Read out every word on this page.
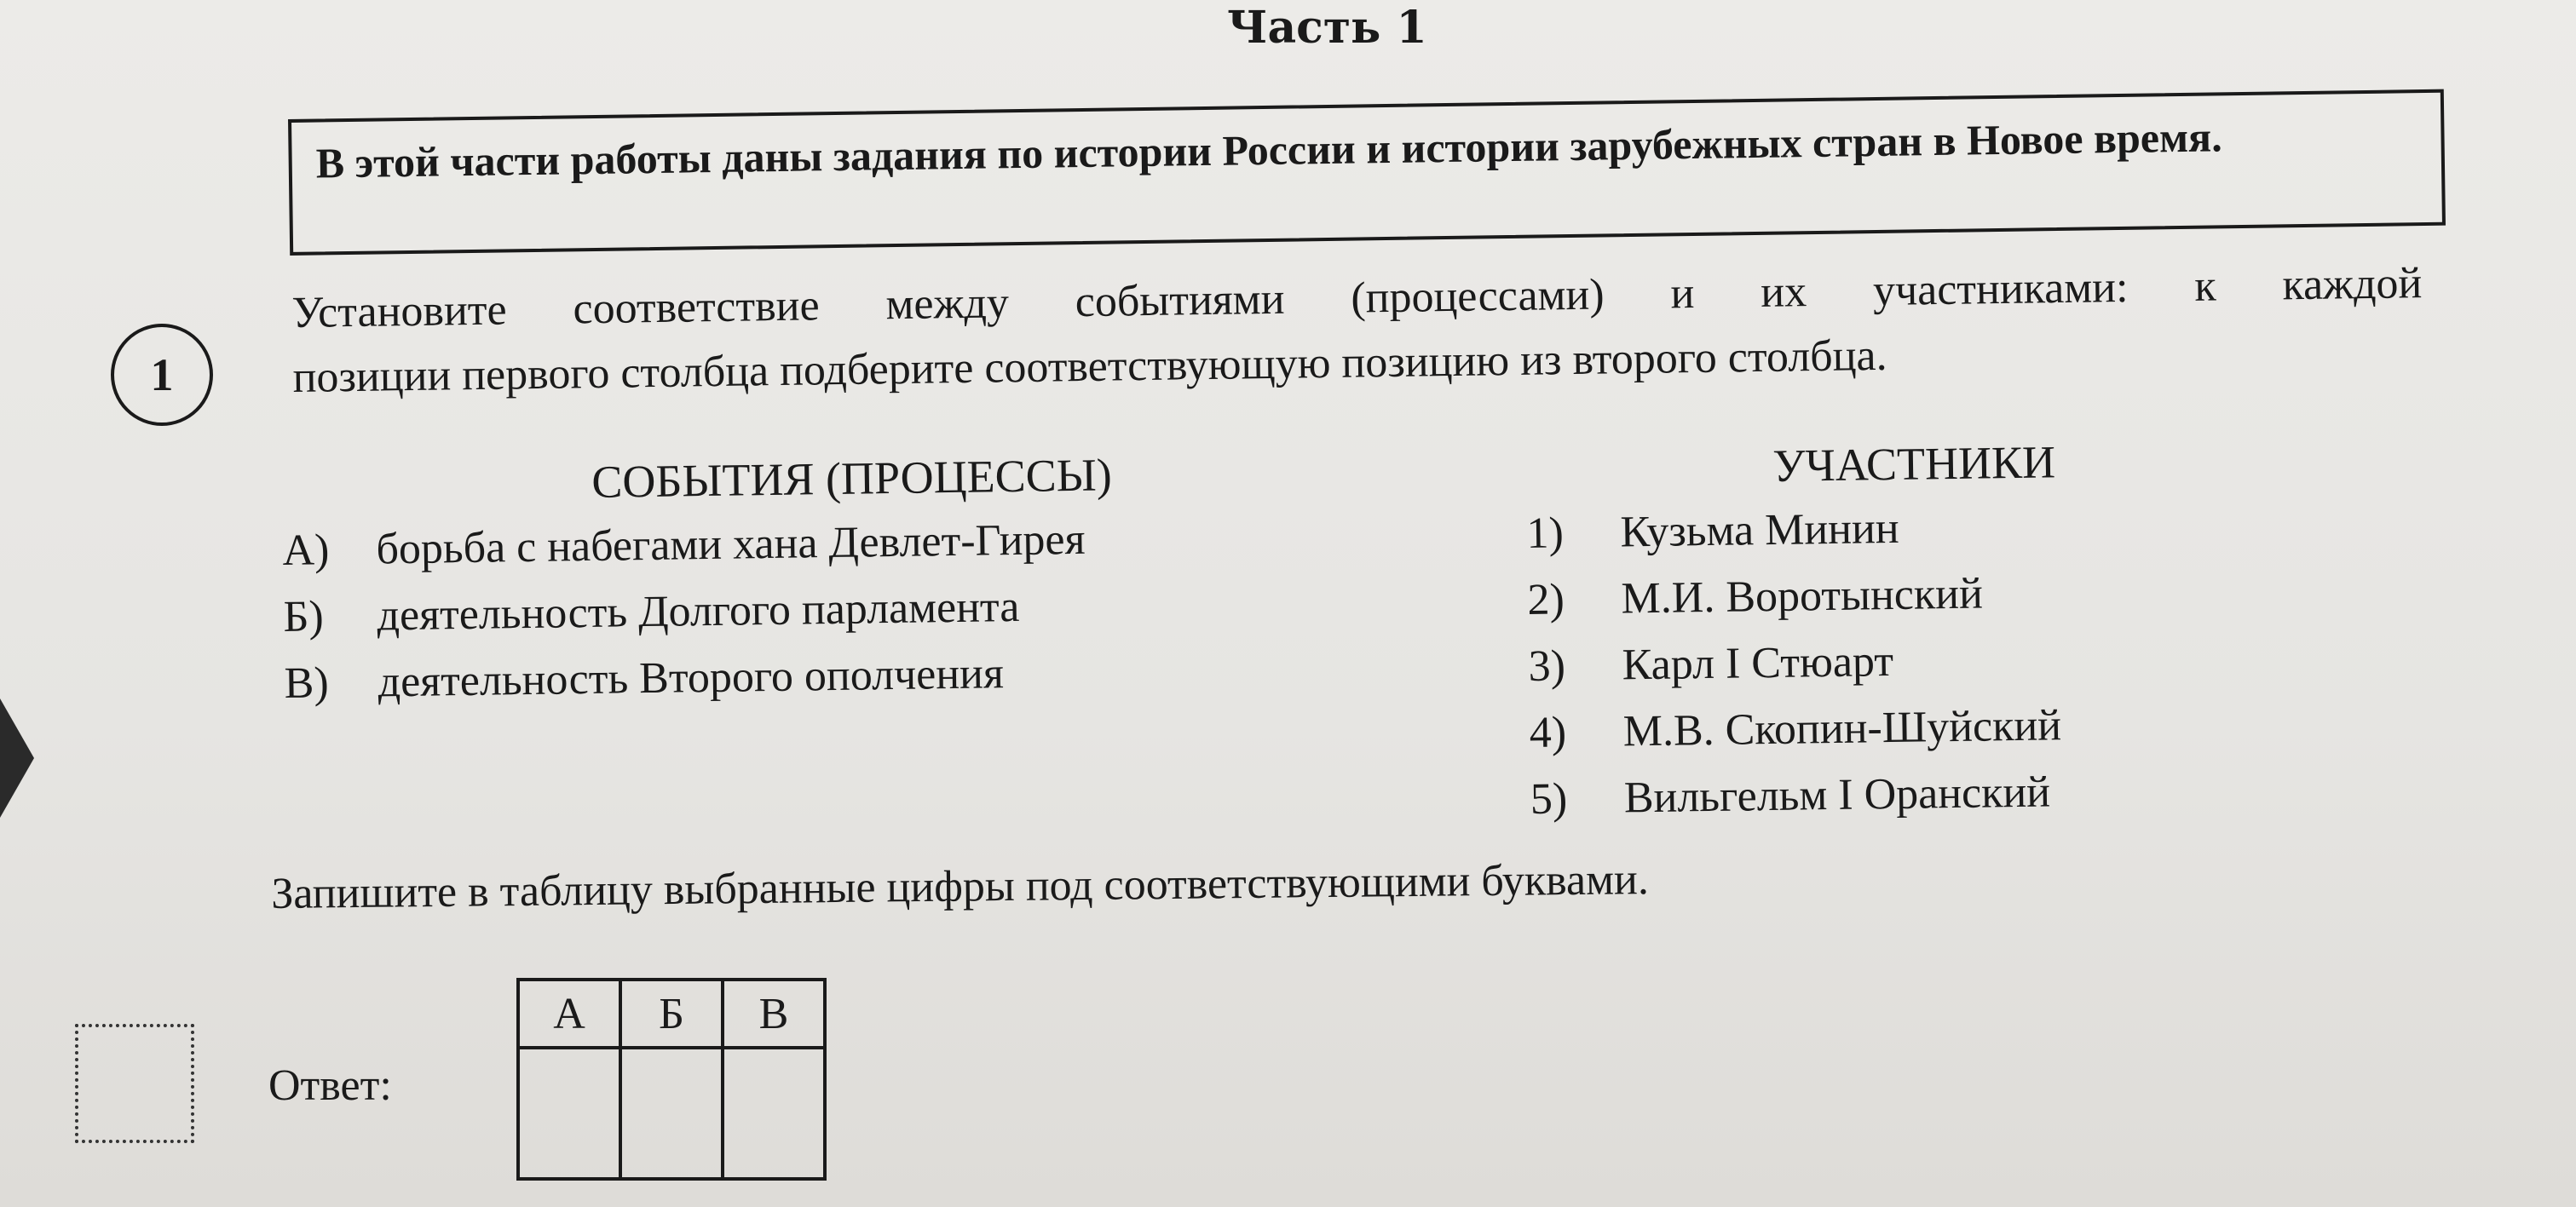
Часть 1
В этой части работы даны задания по истории России и истории зарубежных стран в Новое время.
1
Установите соответствие между событиями (процессами) и их участниками: к каждой
позиции первого столбца подберите соответствующую позицию из второго столбца.
СОБЫТИЯ (ПРОЦЕССЫ)
А)	борьба с набегами хана Девлет-Гирея
Б)	деятельность Долгого парламента
В)	деятельность Второго ополчения
УЧАСТНИКИ
1)	Кузьма Минин
2)	М.И. Воротынский
3)	Карл I Стюарт
4)	М.В. Скопин-Шуйский
5)	Вильгельм I Оранский
Запишите в таблицу выбранные цифры под соответствующими буквами.
Ответ:
А	Б	В
